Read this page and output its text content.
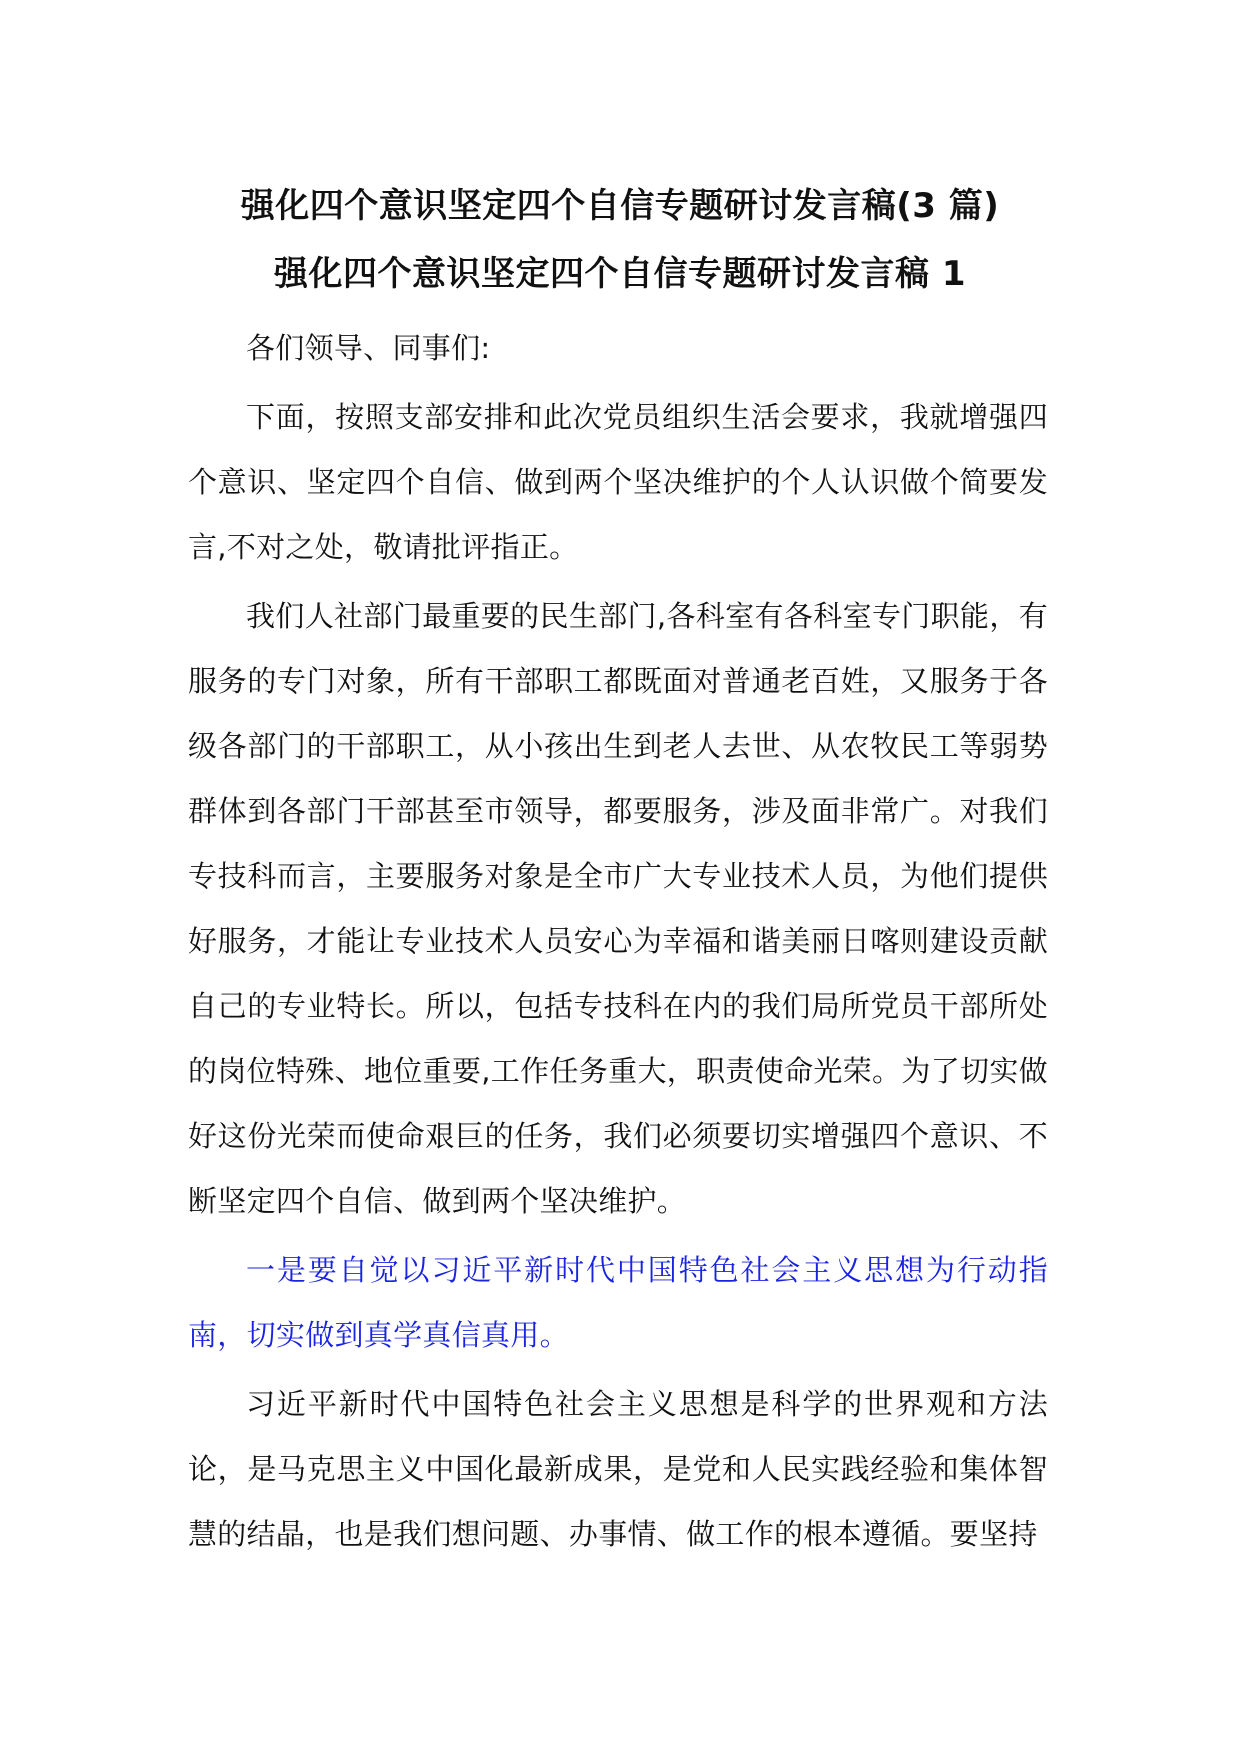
强化四个意识坚定四个自信专题研讨发言稿(3 篇)
强化四个意识坚定四个自信专题研讨发言稿 1

各们领导、同事们:

下面，按照支部安排和此次党员组织生活会要求，我就增强四个意识、坚定四个自信、做到两个坚决维护的个人认识做个简要发言,不对之处，敬请批评指正。

我们人社部门最重要的民生部门,各科室有各科室专门职能，有服务的专门对象，所有干部职工都既面对普通老百姓，又服务于各级各部门的干部职工，从小孩出生到老人去世、从农牧民工等弱势群体到各部门干部甚至市领导，都要服务，涉及面非常广。对我们专技科而言，主要服务对象是全市广大专业技术人员，为他们提供好服务，才能让专业技术人员安心为幸福和谐美丽日喀则建设贡献自己的专业特长。所以，包括专技科在内的我们局所党员干部所处的岗位特殊、地位重要,工作任务重大，职责使命光荣。为了切实做好这份光荣而使命艰巨的任务，我们必须要切实增强四个意识、不断坚定四个自信、做到两个坚决维护。

一是要自觉以习近平新时代中国特色社会主义思想为行动指南，切实做到真学真信真用。

习近平新时代中国特色社会主义思想是科学的世界观和方法论，是马克思主义中国化最新成果，是党和人民实践经验和集体智慧的结晶，也是我们想问题、办事情、做工作的根本遵循。要坚持
